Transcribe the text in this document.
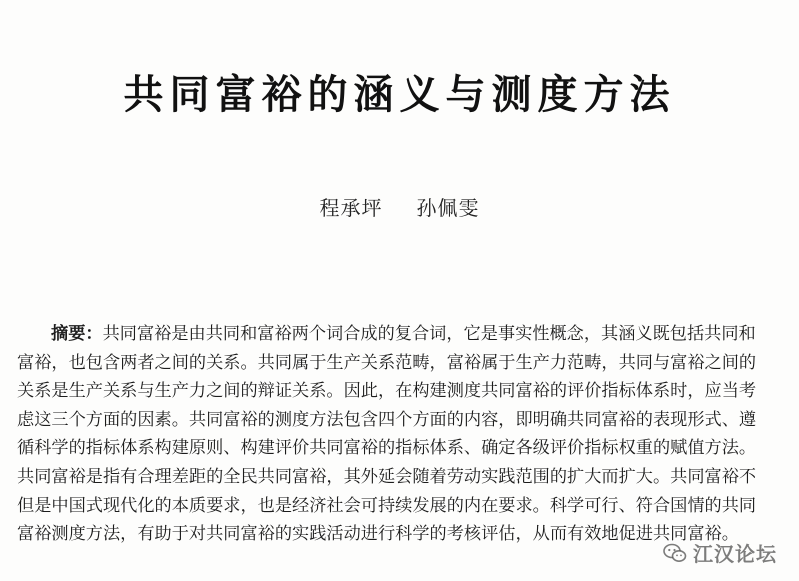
共同富裕的涵义与测度方法
程承坪 孙佩雯
摘要：共同富裕是由共同和富裕两个词合成的复合词，它是事实性概念，其涵义既包括共同和
富裕，也包含两者之间的关系。共同属于生产关系范畴，富裕属于生产力范畴，共同与富裕之间的
关系是生产关系与生产力之间的辩证关系。因此，在构建测度共同富裕的评价指标体系时，应当考
虑这三个方面的因素。共同富裕的测度方法包含四个方面的内容，即明确共同富裕的表现形式、遵
循科学的指标体系构建原则、构建评价共同富裕的指标体系、确定各级评价指标权重的赋值方法。
共同富裕是指有合理差距的全民共同富裕，其外延会随着劳动实践范围的扩大而扩大。共同富裕不
但是中国式现代化的本质要求，也是经济社会可持续发展的内在要求。科学可行、符合国情的共同
富裕测度方法，有助于对共同富裕的实践活动进行科学的考核评估，从而有效地促进共同富裕。
江汉论坛
